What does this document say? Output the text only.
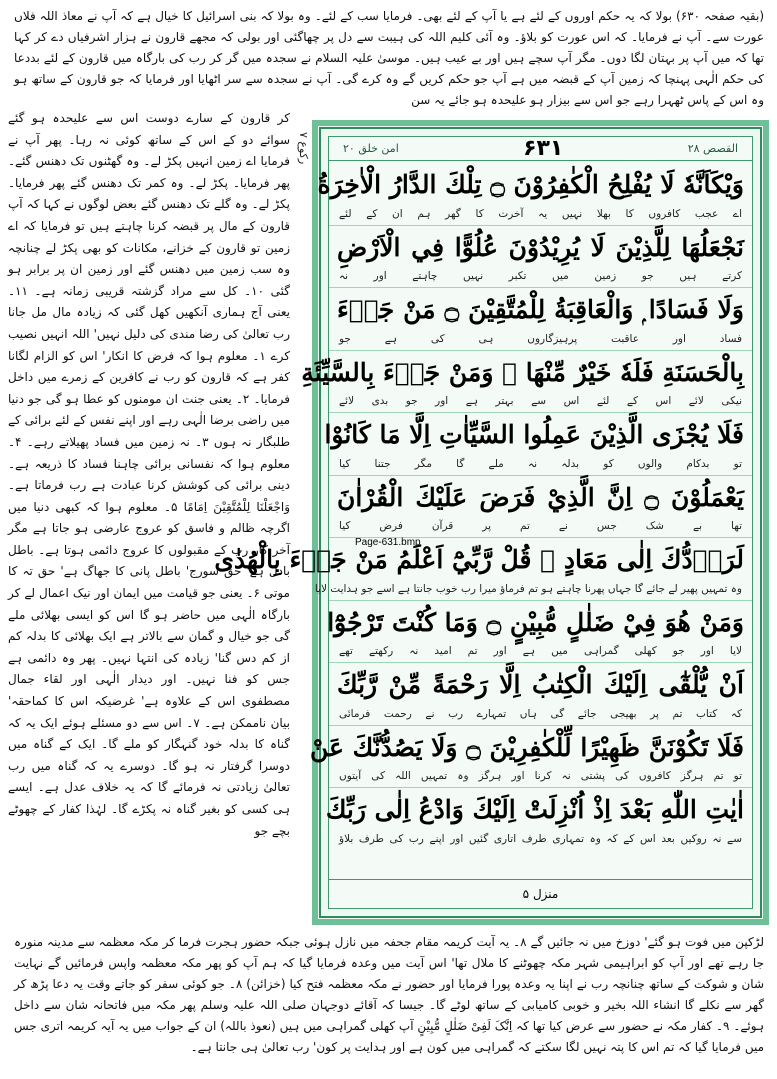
(بقیہ صفحہ ۶۳۰) بولا کہ یہ حکم اوروں کے لئے ہے یا آپ کے لئے بھی۔ فرمایا سب کے لئے۔ وہ بولا کہ بنی اسرائیل کا خیال ہے کہ آپ نے معاذ اللہ فلاں عورت سے۔ آپ نے فرمایا۔ کہ اس عورت کو بلاؤ۔ وہ آئی کلیم اللہ کی ہیبت سے دل پر چھاگئی اور بولی کہ مجھے قارون نے ہزار اشرفیاں دے کر کہا تھا کہ میں آپ پر بہتان لگا دوں۔ مگر آپ سچے ہیں اور بے عیب ہیں۔ موسیٰ علیہ السلام نے سجدہ میں گر کر رب کی بارگاہ میں قارون کے لئے بددعا کی حکم الٰہی پہنچا کہ زمین آپ کے قبضہ میں ہے آپ جو حکم کریں گے وہ کرے گی۔ آپ نے سجدہ سے سر اٹھایا اور فرمایا کہ جو قارون کے ساتھ ہو وہ اس کے پاس ٹھہرا رہے جو اس سے بیزار ہو علیحدہ ہو جائے یہ سن
کر قارون کے سارے دوست اس سے علیحدہ ہو گئے سوائے دو کے اس کے ساتھ کوئی نہ رہا۔ پھر آپ نے فرمایا اے زمین انہیں پکڑ لے۔ وہ گھٹنوں تک دھنس گئے۔ پھر فرمایا۔ پکڑ لے۔ وہ کمر تک دھنس گئے پھر فرمایا۔ پکڑ لے۔ وہ گلے تک دھنس گئے بعض لوگوں نے کہا کہ آپ قارون کے مال پر قبضہ کرنا چاہتے ہیں تو فرمایا کہ اے زمین تو قارون کے خزانے، مکانات کو بھی پکڑ لے چنانچہ وہ سب زمین میں دھنس گئے اور زمین ان پر برابر ہو گئی ۱۰۔ کل سے مراد گزشتہ قریبی زمانہ ہے۔ ۱۱۔ یعنی آج ہماری آنکھیں کھل گئی کہ زیادہ مال مل جانا رب تعالیٰ کی رضا مندی کی دلیل نہیں' اللہ انہیں نصیب کرے ۱۔ معلوم ہوا کہ فرض کا انکار' اس کو الزام لگانا کفر ہے کہ قارون کو رب نے کافرین کے زمرے میں داخل فرمایا۔ ۲۔ یعنی جنت ان مومنوں کو عطا ہو گی جو دنیا میں راضی برضا الٰہی رہے اور اپنے نفس کے لئے برائی کے طلبگار نہ ہوں ۳۔ نہ زمین میں فساد پھیلاتے رہے۔ ۴۔ معلوم ہوا کہ نفسانی برائی چاہنا فساد کا ذریعہ ہے۔ دینی برائی کی کوشش کرنا عبادت ہے رب فرماتا ہے۔ وَاجْعَلْنَا لِلْمُتَّقِیْنَ اِمَامًا ۵۔ معلوم ہوا کہ کبھی دنیا میں اگرچہ ظالم و فاسق کو عروج عارضی ہو جاتا ہے مگر آخر کار رب کے مقبولوں کا عروج دائمی ہوتا ہے۔ باطل بادل ہے' حق سورج' باطل پانی کا جھاگ ہے' حق تہ کا موتی ۶۔ یعنی جو قیامت میں ایمان اور نیک اعمال لے کر بارگاہ الٰہی میں حاضر ہو گا اس کو ایسی بھلائی ملے گی جو خیال و گمان سے بالاتر ہے ایک بھلائی کا بدلہ کم از کم دس گنا' زیادہ کی انتہا نہیں۔ پھر وہ دائمی ہے جس کو فنا نہیں۔ اور دیدار الٰہی اور لقاء جمال مصطفوی اس کے علاوہ ہے' غرضیکہ اس کا کماحقہ' بیان ناممکن ہے۔ ۷۔ اس سے دو مسئلے ہوئے ایک یہ کہ گناہ کا بدلہ خود گنہگار کو ملے گا۔ ایک کے گناہ میں دوسرا گرفتار نہ ہو گا۔ دوسرے یہ کہ گناہ میں رب تعالیٰ زیادتی نہ فرمائے گا کہ یہ خلاف عدل ہے۔ ایسے ہی کسی کو بغیر گناہ نہ پکڑے گا۔ لہٰذا کفار کے چھوٹے بچے جو
رکوع ۷	القصص ۲۸
۶۳۱
امن خلق ۲۰
وَيْكَاَنَّهٗ لَا يُفْلِحُ الْكٰفِرُوْنَ ۝ تِلْكَ الدَّارُ الْاٰخِرَةُ
اے عجب کافروں کا بھلا نہیں یہ آخرت کا گھر ہم ان کے لئے
نَجْعَلُهَا لِلَّذِيْنَ لَا يُرِيْدُوْنَ عُلُوًّا فِي الْاَرْضِ
کرتے ہیں جو زمین میں تکبر نہیں چاہتے اور نہ
وَلَا فَسَادًا ۭ وَالْعَاقِبَةُ لِلْمُتَّقِيْنَ ۝ مَنْ جَاۗءَ
فساد اور عاقبت پرہیزگاروں ہی کی ہے جو
بِالْحَسَنَةِ فَلَهٗ خَيْرٌ مِّنْهَا ۚ وَمَنْ جَاۗءَ بِالسَّيِّئَةِ
نیکی لائے اس کے لئے اس سے بہتر ہے اور جو بدی لائے
فَلَا يُجْزَى الَّذِيْنَ عَمِلُوا السَّيِّاٰتِ اِلَّا مَا كَانُوْا
تو بدکام والوں کو بدلہ نہ ملے گا مگر جتنا کیا
يَعْمَلُوْنَ ۝ اِنَّ الَّذِيْ فَرَضَ عَلَيْكَ الْقُرْاٰنَ
تھا بے شک جس نے تم پر قرآن فرض کیا
لَرَاۗدُّكَ اِلٰى مَعَادٍ ۭ قُلْ رَّبِّيْٓ اَعْلَمُ مَنْ جَاۗءَ بِالْهُدٰى
وہ تمہیں پھیر لے جائے گا جہاں پھرنا چاہتے ہو تم فرماؤ میرا رب خوب جانتا ہے اسے جو ہدایت لایا
وَمَنْ هُوَ فِيْ ضَلٰلٍ مُّبِيْنٍ ۝ وَمَا كُنْتَ تَرْجُوْٓا
لایا اور جو کھلی گمراہی میں ہے اور تم امید نہ رکھتے تھے
اَنْ يُّلْقٰٓى اِلَيْكَ الْكِتٰبُ اِلَّا رَحْمَةً مِّنْ رَّبِّكَ
کہ کتاب تم پر بھیجی جائے گی ہاں تمہارے رب نے رحمت فرمائی
فَلَا تَكُوْنَنَّ ظَهِيْرًا لِّلْكٰفِرِيْنَ ۝ وَلَا يَصُدُّنَّكَ عَنْ
تو تم ہرگز کافروں کی پشتی نہ کرنا اور ہرگز وہ تمہیں اللہ کی آیتوں
اٰيٰتِ اللّٰهِ بَعْدَ اِذْ اُنْزِلَتْ اِلَيْكَ وَادْعُ اِلٰى رَبِّكَ
سے نہ روکیں بعد اس کے کہ وہ تمہاری طرف اتاری گئیں اور اپنے رب کی طرف بلاؤ
منزل ۵
Page-631.bmp
لڑکپن میں فوت ہو گئے' دوزخ میں نہ جائیں گے ۸۔ یہ آیت کریمہ مقام جحفہ میں نازل ہوئی جبکہ حضور ہجرت فرما کر مکہ معظمہ سے مدینہ منورہ جا رہے تھے اور آپ کو ابراہیمی شہر مکہ چھوٹنے کا ملال تھا' اس آیت میں وعدہ فرمایا گیا کہ ہم آپ کو پھر مکہ معظمہ واپس فرمائیں گے نہایت شان و شوکت کے ساتھ چنانچہ رب نے اپنا یہ وعدہ پورا فرمایا اور حضور نے مکہ معظمہ فتح کیا (خزائن) ۸۔ جو کوئی سفر کو جاتے وقت یہ دعا پڑھ کر گھر سے نکلے گا انشاء اللہ بخیر و خوبی کامیابی کے ساتھ لوٹے گا۔ جیسا کہ آقائے دوجہان صلی اللہ علیہ وسلم پھر مکہ میں فاتحانہ شان سے داخل ہوئے۔ ۹۔ کفار مکہ نے حضور سے عرض کیا تھا کہ اِنَّکَ لَفِیْ ضَلٰلٍ مُّبِیْنٍ آپ کھلی گمراہی میں ہیں (نعوذ باللہ) ان کے جواب میں یہ آیہ کریمہ اتری جس میں فرمایا گیا کہ تم اس کا پتہ نہیں لگا سکتے کہ گمراہی میں کون ہے اور ہدایت پر کون' رب تعالیٰ ہی جانتا ہے۔
